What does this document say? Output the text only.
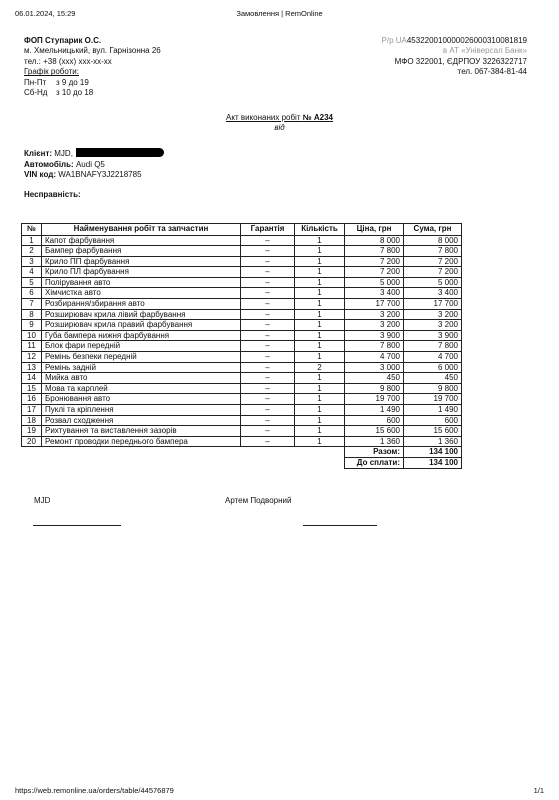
06.01.2024, 15:29	Замовлення | RemOnline
ФОП Ступарик О.С.
м. Хмельницький, вул. Гарнізонна 26
тел.: +38 (xxx) xxx-xx-xx
Графік роботи:
Пн-Пт з 9 до 19
Сб-Нд з 10 до 18
Р/р UA453220010000026000310081819
в АТ «Універсал Банк»
МФО 322001, ЄДРПОУ 3226322717
тел. 067-384-81-44
Акт виконаних робіт № А234
від
Клієнт: MJD,
Автомобіль: Audi Q5
VIN код: WA1BNAFY3J2218785
Несправність:
№	Найменування робіт та запчастин	Гарантія	Кількість	Ціна, грн	Сума, грн
1	Капот фарбування	–	1	8 000	8 000
2	Бампер фарбування	–	1	7 800	7 800
3	Крило ПП фарбування	–	1	7 200	7 200
4	Крило ПЛ фарбування	–	1	7 200	7 200
5	Полірування авто	–	1	5 000	5 000
6	Хімчистка авто	–	1	3 400	3 400
7	Розбирання/збирання авто	–	1	17 700	17 700
8	Розширювач крила лівий фарбування	–	1	3 200	3 200
9	Розширювач крила правий фарбування	–	1	3 200	3 200
10	Губа бампера нижня фарбування	–	1	3 900	3 900
11	Блок фари передній	–	1	7 800	7 800
12	Ремінь безпеки передній	–	1	4 700	4 700
13	Ремінь задній	–	2	3 000	6 000
14	Мийка авто	–	1	450	450
15	Мова та карплей	–	1	9 800	9 800
16	Бронювання авто	–	1	19 700	19 700
17	Пуклі та кріплення	–	1	1 490	1 490
18	Розвал сходження	–	1	600	600
19	Рихтування та виставлення зазорів	–	1	15 600	15 600
20	Ремонт проводки переднього бампера	–	1	1 360	1 360
				Разом:	134 100
				До сплати:	134 100
MJD	Артем Подворний
https://web.remonline.ua/orders/table/44576879	1/1
